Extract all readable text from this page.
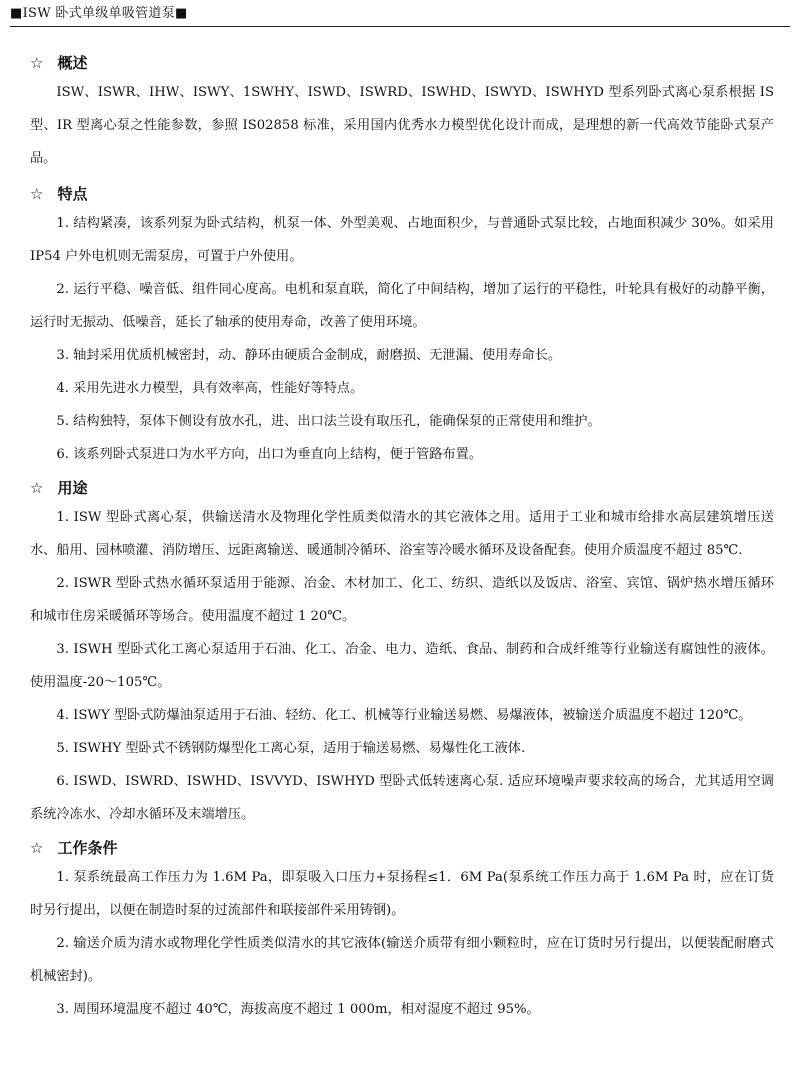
■ISW 卧式单级单吸管道泵■
☆ 概述

ISW、ISWR、IHW、ISWY、1SWHY、ISWD、ISWRD、ISWHD、ISWYD、ISWHYD 型系列卧式离心泵系根据 IS 型、IR 型离心泵之性能参数，参照 IS02858 标准，采用国内优秀水力模型优化设计而成，是理想的新一代高效节能卧式泵产品。

☆ 特点

1. 结构紧凑，该系列泵为卧式结构，机泵一体、外型美观、占地面积少，与普通卧式泵比较，占地面积减少 30%。如采用 IP54 户外电机则无需泵房，可置于户外使用。

2. 运行平稳、噪音低、组件同心度高。电机和泵直联，简化了中间结构，增加了运行的平稳性，叶轮具有极好的动静平衡，运行时无振动、低噪音，延长了轴承的使用寿命，改善了使用环境。

3. 轴封采用优质机械密封，动、静环由硬质合金制成，耐磨损、无泄漏、使用寿命长。

4. 采用先进水力模型，具有效率高，性能好等特点。

5. 结构独特，泵体下侧设有放水孔，进、出口法兰设有取压孔，能确保泵的正常使用和维护。

6. 该系列卧式泵进口为水平方向，出口为垂直向上结构，便于管路布置。

☆ 用途

1. ISW 型卧式离心泵，供输送清水及物理化学性质类似清水的其它液体之用。适用于工业和城市给排水高层建筑增压送水、船用、园林喷灌、消防增压、远距离输送、暖通制冷循环、浴室等冷暖水循环及设备配套。使用介质温度不超过 85℃.

2. ISWR 型卧式热水循环泵适用于能源、冶金、木材加工、化工、纺织、造纸以及饭店、浴室、宾馆、锅炉热水增压循环和城市住房采暖循环等场合。使用温度不超过 1 20℃。

3. ISWH 型卧式化工离心泵适用于石油、化工、冶金、电力、造纸、食品、制药和合成纤维等行业输送有腐蚀性的液体。使用温度-20～105℃。

4. ISWY 型卧式防爆油泵适用于石油、轻纺、化工、机械等行业输送易燃、易爆液体，被输送介质温度不超过 120℃。

5. ISWHY 型卧式不锈钢防爆型化工离心泵，适用于输送易燃、易爆性化工液体.

6. ISWD、ISWRD、ISWHD、ISVVYD、ISWHYD 型卧式低转速离心泵. 适应环境噪声要求较高的场合，尤其适用空调系统冷冻水、冷却水循环及末端增压。

☆ 工作条件

1. 泵系统最高工作压力为 1.6M Pa，即泵吸入口压力+泵扬程≤1．6M Pa(泵系统工作压力高于 1.6M Pa 时，应在订货时另行提出，以便在制造时泵的过流部件和联接部件采用铸钢)。

2. 输送介质为清水或物理化学性质类似清水的其它液体(输送介质带有细小颗粒时，应在订货时另行提出，以便装配耐磨式机械密封)。

3. 周围环境温度不超过 40℃，海拔高度不超过 1 000m，相对湿度不超过 95%。
